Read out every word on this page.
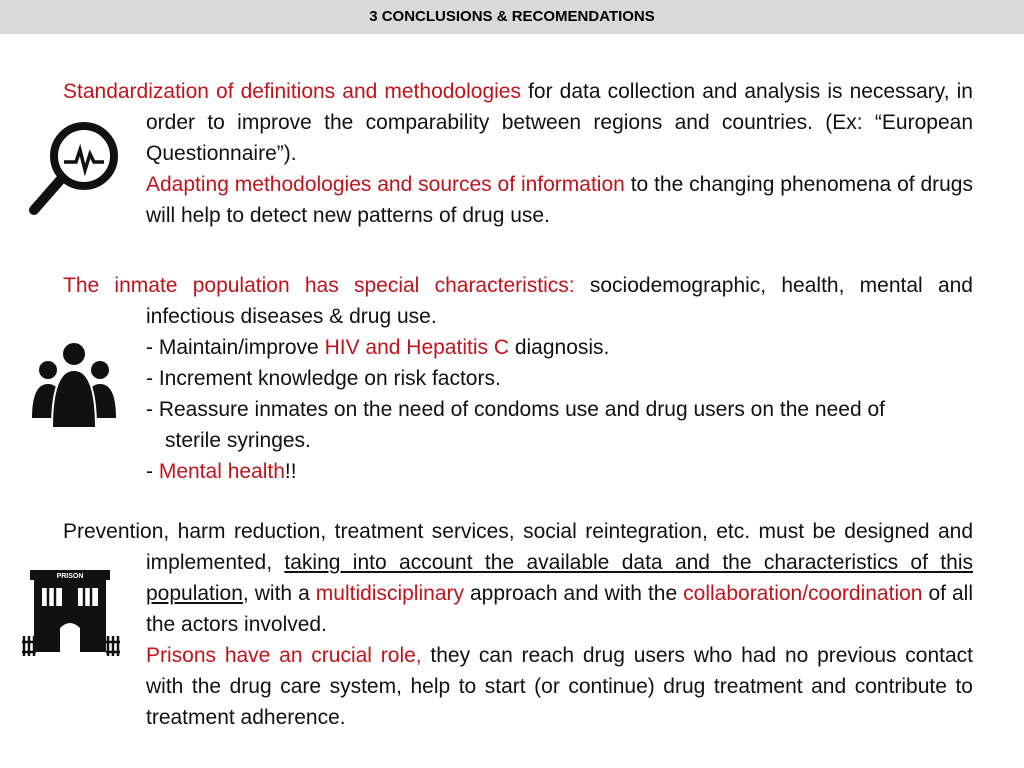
3 CONCLUSIONS & RECOMENDATIONS

Standardization of definitions and methodologies for data collection and analysis is necessary, in order to improve the comparability between regions and countries. (Ex: “European Questionnaire”).

Adapting methodologies and sources of information to the changing phenomena of drugs will help to detect new patterns of drug use.

The inmate population has special characteristics: sociodemographic, health, mental and infectious diseases & drug use.

- Maintain/improve HIV and Hepatitis C diagnosis.

- Increment knowledge on risk factors.

- Reassure inmates on the need of condoms use and drug users on the need of

sterile syringes.

- Mental health!!

PRISON

Prevention, harm reduction, treatment services, social reintegration, etc. must be designed and implemented, taking into account the available data and the characteristics of this population, with a multidisciplinary approach and with the collaboration/coordination of all the actors involved.

Prisons have an crucial role, they can reach drug users who had no previous contact with the drug care system, help to start (or continue) drug treatment and contribute to treatment adherence.
